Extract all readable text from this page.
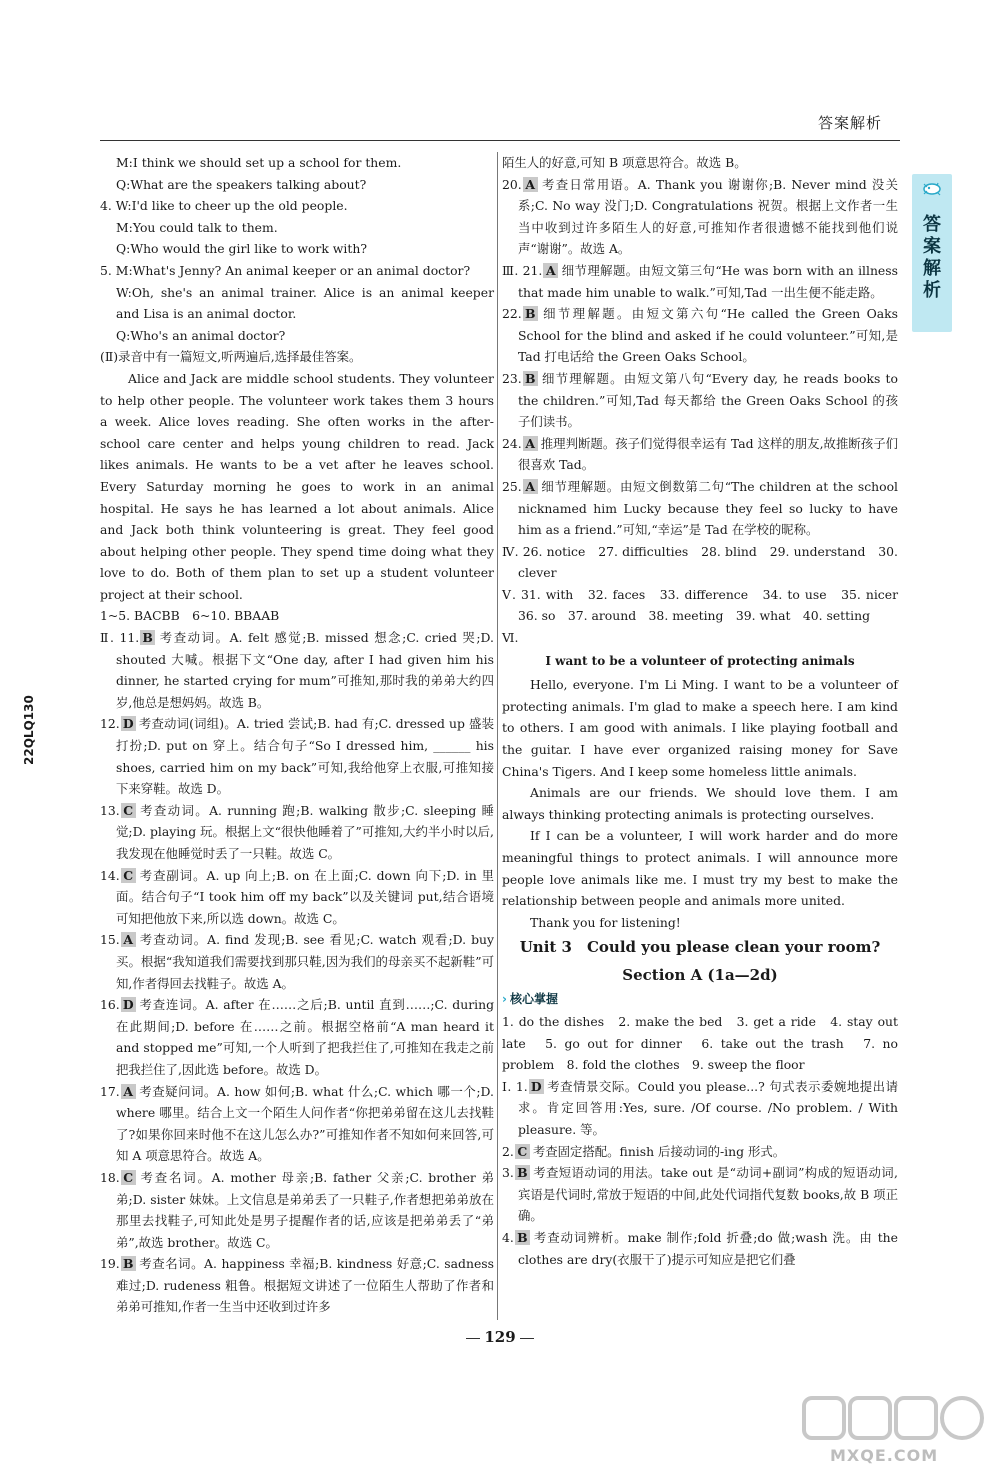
答案解析
答案解析
22QLQ130

M:I think we should set up a school for them.

Q:What are the speakers talking about?

4. W:I'd like to cheer up the old people.

M:You could talk to them.

Q:Who would the girl like to work with?

5. M:What's Jenny? An animal keeper or an animal doctor?

W:Oh, she's an animal trainer. Alice is an animal keeper and Lisa is an animal doctor.

Q:Who's an animal doctor?

(Ⅱ)录音中有一篇短文,听两遍后,选择最佳答案。

Alice and Jack are middle school students. They volunteer to help other people. The volunteer work takes them 3 hours a week. Alice loves reading. She often works in the after-school care center and helps young children to read. Jack likes animals. He wants to be a vet after he leaves school. Every Saturday morning he goes to work in an animal hospital. He says he has learned a lot about animals. Alice and Jack both think volunteering is great. They feel good about helping other people. They spend time doing what they love to do. Both of them plan to set up a student volunteer project at their school.

1~5. BACBB　6~10. BBAAB

Ⅱ. 11. B 考查动词。A. felt 感觉;B. missed 想念;C. cried 哭;D. shouted 大喊。根据下文“One day, after I had given him his dinner, he started crying for mum”可推知,那时我的弟弟大约四岁,他总是想妈妈。故选 B。

12. D 考查动词(词组)。A. tried 尝试;B. had 有;C. dressed up 盛装打扮;D. put on 穿上。结合句子“So I dressed him, ______ his shoes, carried him on my back”可知,我给他穿上衣服,可推知接下来穿鞋。故选 D。

13. C 考查动词。A. running 跑;B. walking 散步;C. sleeping 睡觉;D. playing 玩。根据上文“很快他睡着了”可推知,大约半小时以后,我发现在他睡觉时丢了一只鞋。故选 C。

14. C 考查副词。A. up 向上;B. on 在上面;C. down 向下;D. in 里面。结合句子“I took him off my back”以及关键词 put,结合语境可知把他放下来,所以选 down。故选 C。

15. A 考查动词。A. find 发现;B. see 看见;C. watch 观看;D. buy 买。根据“我知道我们需要找到那只鞋,因为我们的母亲买不起新鞋”可知,作者得回去找鞋子。故选 A。

16. D 考查连词。A. after 在……之后;B. until 直到……;C. during 在此期间;D. before 在……之前。根据空格前“A man heard it and stopped me”可知,一个人听到了把我拦住了,可推知在我走之前把我拦住了,因此选 before。故选 D。

17. A 考查疑问词。A. how 如何;B. what 什么;C. which 哪一个;D. where 哪里。结合上文一个陌生人问作者“你把弟弟留在这儿去找鞋了?如果你回来时他不在这儿怎么办?”可推知作者不知如何来回答,可知 A 项意思符合。故选 A。

18. C 考查名词。A. mother 母亲;B. father 父亲;C. brother 弟弟;D. sister 妹妹。上文信息是弟弟丢了一只鞋子,作者想把弟弟放在那里去找鞋子,可知此处是男子提醒作者的话,应该是把弟弟丢了“弟弟”,故选 brother。故选 C。

19. B 考查名词。A. happiness 幸福;B. kindness 好意;C. sadness 难过;D. rudeness 粗鲁。根据短文讲述了一位陌生人帮助了作者和弟弟可推知,作者一生当中还收到过许多

陌生人的好意,可知 B 项意思符合。故选 B。

20. A 考查日常用语。A. Thank you 谢谢你;B. Never mind 没关系;C. No way 没门;D. Congratulations 祝贺。根据上文作者一生当中收到过许多陌生人的好意,可推知作者很遗憾不能找到他们说声“谢谢”。故选 A。

Ⅲ. 21. A 细节理解题。由短文第三句“He was born with an illness that made him unable to walk.”可知,Tad 一出生便不能走路。

22. B 细节理解题。由短文第六句“He called the Green Oaks School for the blind and asked if he could volunteer.”可知,是 Tad 打电话给 the Green Oaks School。

23. B 细节理解题。由短文第八句“Every day, he reads books to the children.”可知,Tad 每天都给 the Green Oaks School 的孩子们读书。

24. A 推理判断题。孩子们觉得很幸运有 Tad 这样的朋友,故推断孩子们很喜欢 Tad。

25. A 细节理解题。由短文倒数第二句“The children at the school nicknamed him Lucky because they feel so lucky to have him as a friend.”可知,“幸运”是 Tad 在学校的昵称。

Ⅳ. 26. notice　27. difficulties　28. blind　29. understand　30. clever

Ⅴ. 31. with　32. faces　33. difference　34. to use　35. nicer　36. so　37. around　38. meeting　39. what　40. setting

Ⅵ.

I want to be a volunteer of protecting animals

Hello, everyone. I'm Li Ming. I want to be a volunteer of protecting animals. I'm glad to make a speech here. I am kind to others. I am good with animals. I like playing football and the guitar. I have ever organized raising money for Save China's Tigers. And I keep some homeless little animals.

Animals are our friends. We should love them. I am always thinking protecting animals is protecting ourselves.

If I can be a volunteer, I will work harder and do more meaningful things to protect animals. I will announce more people love animals like me. I must try my best to make the relationship between people and animals more united.

Thank you for listening!

Unit 3　Could you please clean your room?

Section A (1a—2d)

› 核心掌握

1. do the dishes　2. make the bed　3. get a ride　4. stay out late　5. go out for dinner　6. take out the trash　7. no problem　8. fold the clothes　9. sweep the floor

Ⅰ. 1. D 考查情景交际。Could you please...? 句式表示委婉地提出请求。肯定回答用:Yes, sure. /Of course. /No problem. / With pleasure. 等。

2. C 考查固定搭配。finish 后接动词的-ing 形式。

3. B 考查短语动词的用法。take out 是“动词+副词”构成的短语动词,宾语是代词时,常放于短语的中间,此处代词指代复数 books,故 B 项正确。

4. B 考查动词辨析。make 制作;fold 折叠;do 做;wash 洗。由 the clothes are dry(衣服干了)提示可知应是把它们叠

129
MXQE.COM
